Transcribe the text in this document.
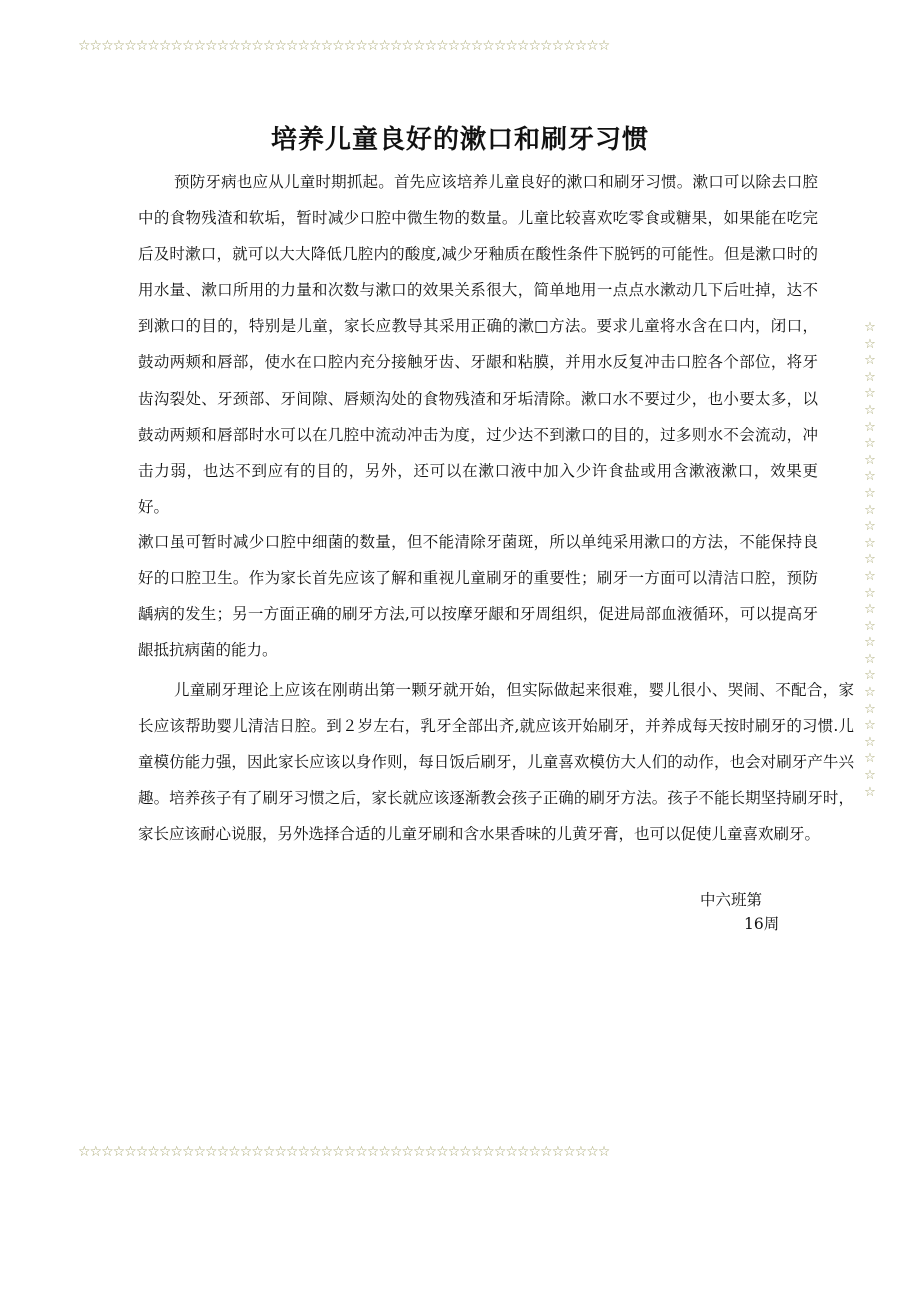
☆☆☆☆☆☆☆☆☆☆☆☆☆☆☆☆☆☆☆☆☆☆☆☆☆☆☆☆☆☆☆☆☆☆☆☆☆☆☆☆☆☆☆☆☆☆
☆
☆
☆
☆
☆
☆
☆
☆
☆
☆
☆
☆
☆
☆
☆
☆
☆
☆
☆
☆
☆
☆
☆
☆
☆
☆
☆
☆
☆
培养儿童良好的漱口和刷牙习惯

预防牙病也应从儿童时期抓起。首先应该培养儿童良好的漱口和刷牙习惯。漱口可以除去口腔中的食物残渣和软垢，暂时减少口腔中微生物的数量。儿童比较喜欢吃零食或糖果，如果能在吃完后及时漱口，就可以大大降低几腔内的酸度,减少牙釉质在酸性条件下脱钙的可能性。但是漱口时的用水量、漱口所用的力量和次数与漱口的效果关系很大，简单地用一点点水漱动几下后吐掉，达不到漱口的目的，特别是儿童，家长应教导其采用正确的漱□方法。要求儿童将水含在口内，闭口，鼓动两颊和唇部，使水在口腔内充分接触牙齿、牙龈和粘膜，并用水反复冲击口腔各个部位，将牙齿沟裂处、牙颈部、牙间隙、唇颊沟处的食物残渣和牙垢清除。漱口水不要过少，也小要太多，以鼓动两颊和唇部时水可以在几腔中流动冲击为度，过少达不到漱口的目的，过多则水不会流动，冲击力弱，也达不到应有的目的，另外，还可以在漱口液中加入少许食盐或用含漱液漱口，效果更好。

漱口虽可暂时减少口腔中细菌的数量，但不能清除牙菌斑，所以单纯采用漱口的方法，不能保持良好的口腔卫生。作为家长首先应该了解和重视儿童刷牙的重要性；刷牙一方面可以清洁口腔，预防龋病的发生；另一方面正确的刷牙方法,可以按摩牙龈和牙周组织，促进局部血液循环，可以提高牙龈抵抗病菌的能力。

儿童刷牙理论上应该在刚萌出第一颗牙就开始，但实际做起来很难，婴儿很小、哭闹、不配合，家长应该帮助婴儿清洁日腔。到２岁左右，乳牙全部出齐,就应该开始刷牙，并养成每天按时刷牙的习惯.儿童模仿能力强，因此家长应该以身作则，每日饭后刷牙，儿童喜欢模仿大人们的动作，也会对刷牙产牛兴趣。培养孩子有了刷牙习惯之后，家长就应该逐渐教会孩子正确的刷牙方法。孩子不能长期坚持刷牙时，家长应该耐心说服，另外选择合适的儿童牙刷和含水果香味的儿黄牙膏，也可以促使儿童喜欢刷牙。

中六班第
16周
☆☆☆☆☆☆☆☆☆☆☆☆☆☆☆☆☆☆☆☆☆☆☆☆☆☆☆☆☆☆☆☆☆☆☆☆☆☆☆☆☆☆☆☆☆☆
